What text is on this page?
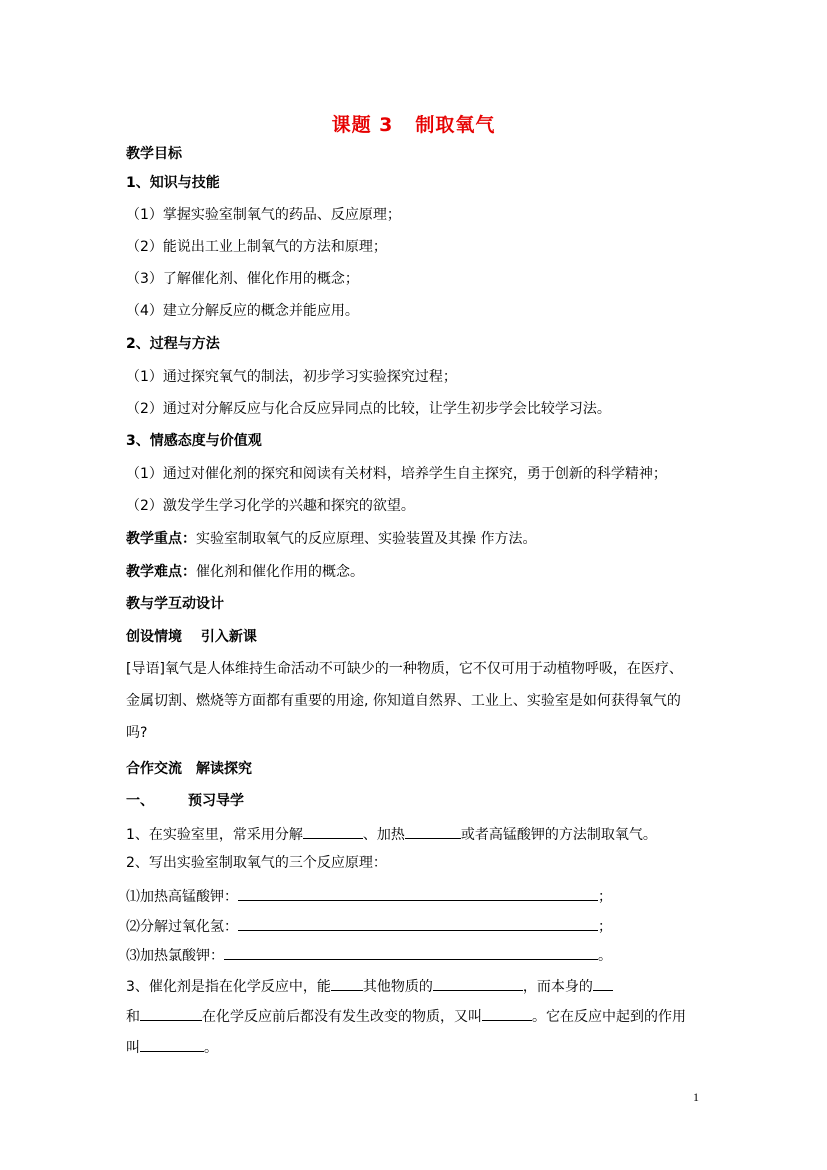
课题 3 制取氧气
教学目标
1、知识与技能
（1）掌握实验室制氧气的药品、反应原理；
（2）能说出工业上制氧气的方法和原理；
（3）了解催化剂、催化作用的概念；
（4）建立分解反应的概念并能应用。
2、过程与方法
（1）通过探究氧气的制法，初步学习实验探究过程；
（2）通过对分解反应与化合反应异同点的比较，让学生初步学会比较学习法。
3、情感态度与价值观
（1）通过对催化剂的探究和阅读有关材料，培养学生自主探究，勇于创新的科学精神；
（2）激发学生学习化学的兴趣和探究的欲望。
教学重点：实验室制取氧气的反应原理、实验装置及其操 作方法。
教学难点：催化剂和催化作用的概念。
教与学互动设计
创设情境　 引入新课
[导语]氧气是人体维持生命活动不可缺少的一种物质，它不仅可用于动植物呼吸，在医疗、
金属切割、燃烧等方面都有重要的用途, 你知道自然界、工业上、实验室是如何获得氧气的
吗?
合作交流　解读探究
一、 预习导学
1、在实验室里，常采用分解	、加热	或者高锰酸钾的方法制取氧气。
2、写出实验室制取氧气的三个反应原理：
⑴加热高锰酸钾：	；
⑵分解过氧化氢：	；
⑶加热氯酸钾：	。
3、催化剂是指在化学反应中，能 其他物质的	，而本身的
和	在化学反应前后都没有发生改变的物质，又叫	。它在反应中起到的作用
叫	。
1
